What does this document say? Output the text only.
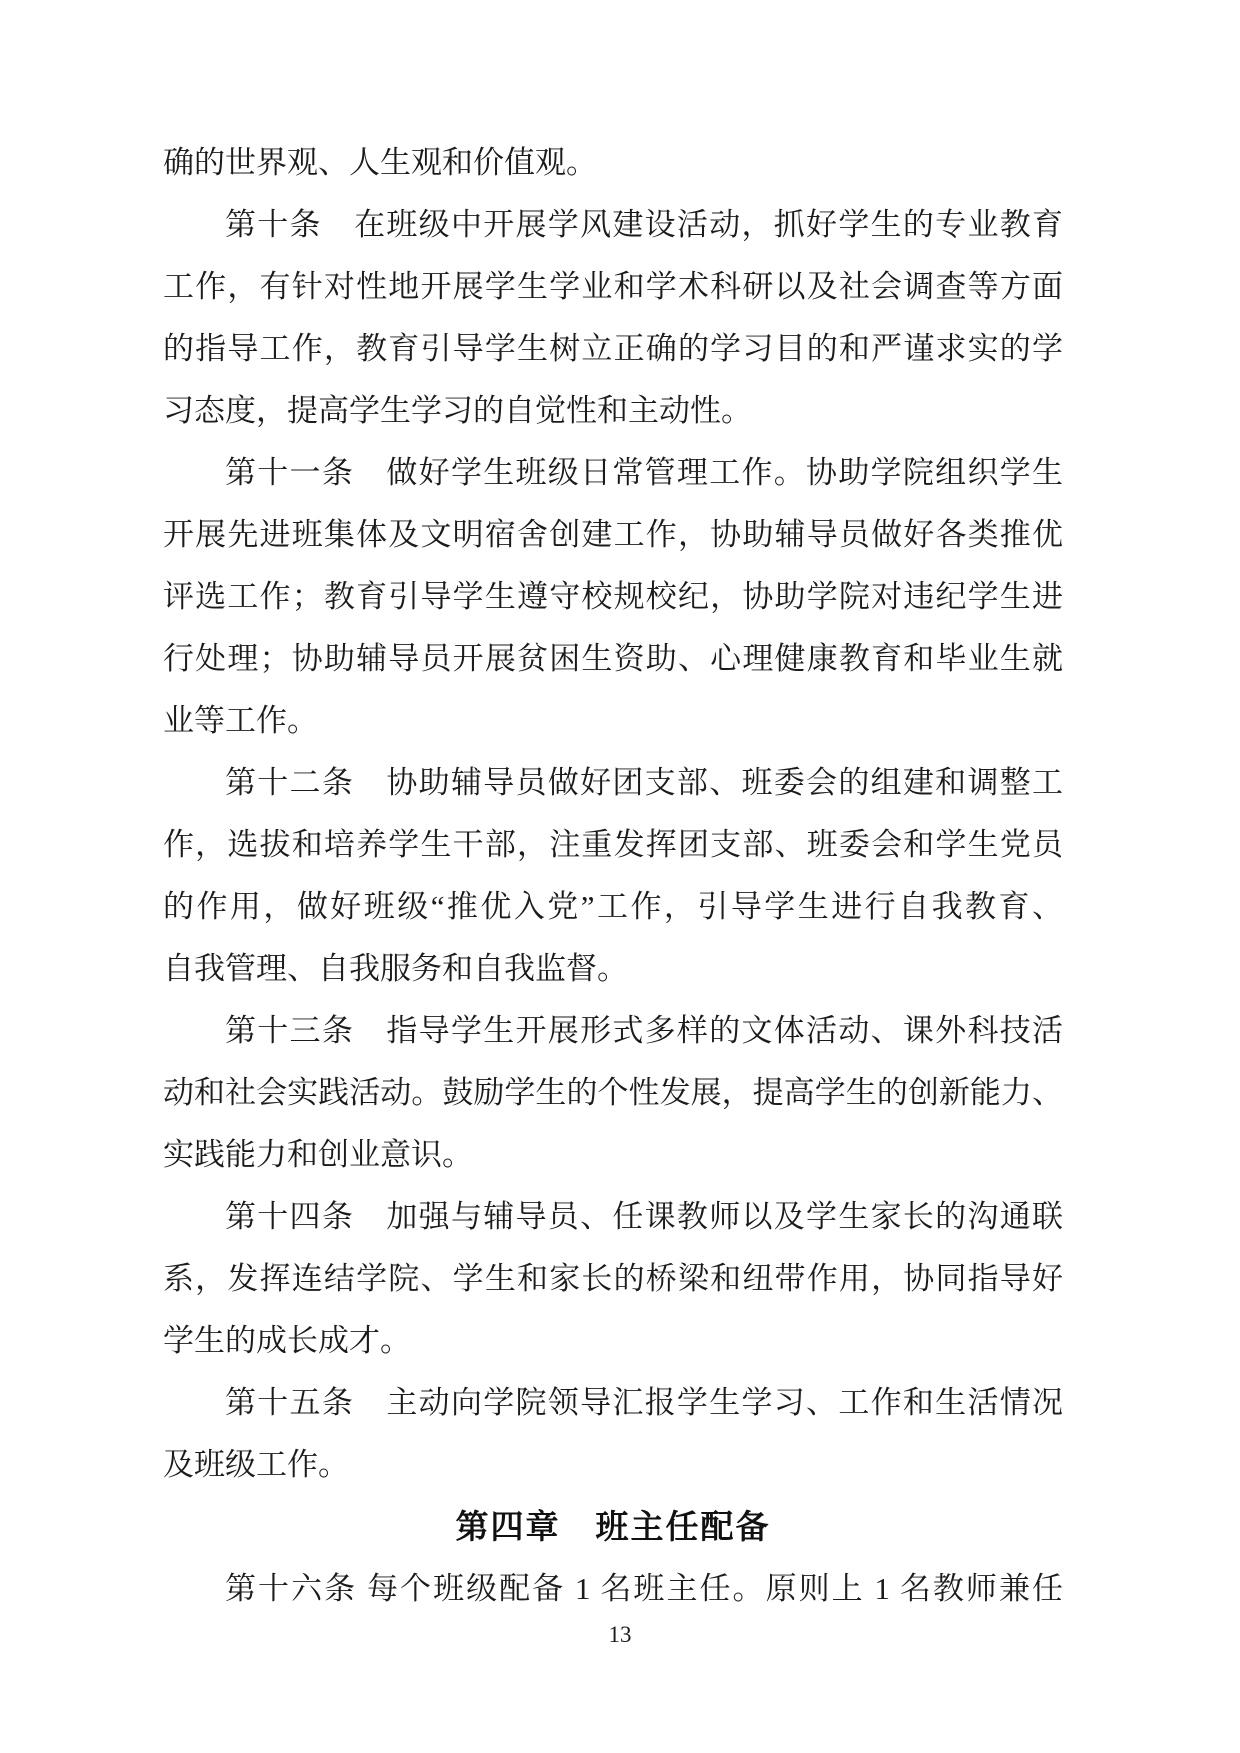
确的世界观、人生观和价值观。
第十条　在班级中开展学风建设活动，抓好学生的专业教育
工作，有针对性地开展学生学业和学术科研以及社会调查等方面
的指导工作，教育引导学生树立正确的学习目的和严谨求实的学
习态度，提高学生学习的自觉性和主动性。
第十一条　做好学生班级日常管理工作。协助学院组织学生
开展先进班集体及文明宿舍创建工作，协助辅导员做好各类推优
评选工作；教育引导学生遵守校规校纪，协助学院对违纪学生进
行处理；协助辅导员开展贫困生资助、心理健康教育和毕业生就
业等工作。
第十二条　协助辅导员做好团支部、班委会的组建和调整工
作，选拔和培养学生干部，注重发挥团支部、班委会和学生党员
的作用，做好班级“推优入党”工作，引导学生进行自我教育、
自我管理、自我服务和自我监督。
第十三条　指导学生开展形式多样的文体活动、课外科技活
动和社会实践活动。鼓励学生的个性发展，提高学生的创新能力、
实践能力和创业意识。
第十四条　加强与辅导员、任课教师以及学生家长的沟通联
系，发挥连结学院、学生和家长的桥梁和纽带作用，协同指导好
学生的成长成才。
第十五条　主动向学院领导汇报学生学习、工作和生活情况
及班级工作。
第四章　班主任配备
第十六条 每个班级配备 1 名班主任。原则上 1 名教师兼任
13
